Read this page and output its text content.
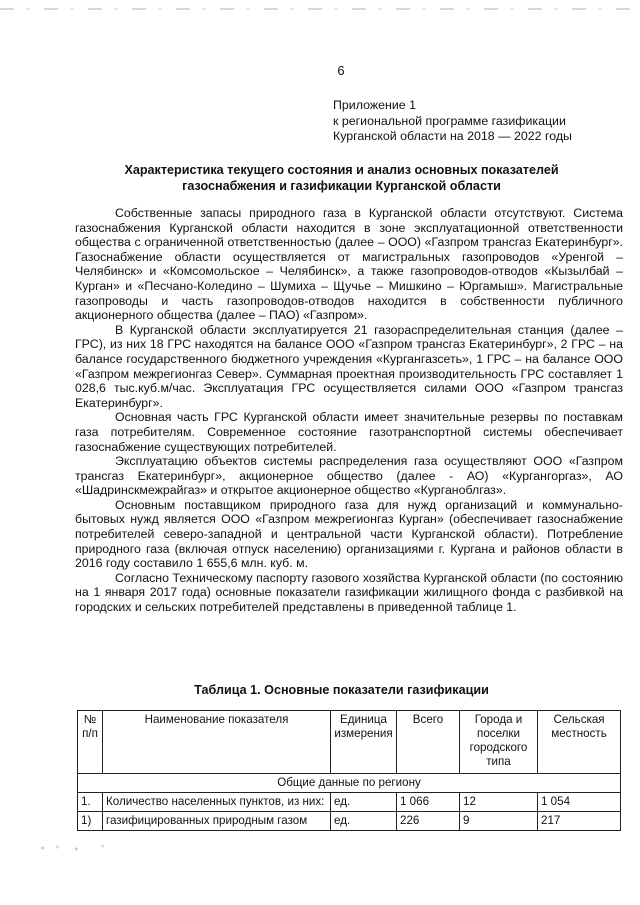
6
Приложение 1
к региональной программе газификации
Курганской области на 2018 — 2022 годы
Характеристика текущего состояния и анализ основных показателей
газоснабжения и газификации Курганской области

Собственные запасы природного газа в Курганской области отсутствуют. Система газоснабжения Курганской области находится в зоне эксплуатационной ответственности общества с ограниченной ответственностью (далее – ООО) «Газпром трансгаз Екатеринбург». Газоснабжение области осуществляется от магистральных газопроводов «Уренгой – Челябинск» и «Комсомольское – Челябинск», а также газопроводов-отводов «Кызылбай – Курган» и «Песчано-Коледино – Шумиха – Щучье – Мишкино – Юргамыш». Магистральные газопроводы и часть газопроводов-отводов находится в собственности публичного акционерного общества (далее – ПАО) «Газпром».

В Курганской области эксплуатируется 21 газораспределительная станция (далее – ГРС), из них 18 ГРС находятся на балансе ООО «Газпром трансгаз Екатеринбург», 2 ГРС – на балансе государственного бюджетного учреждения «Кургангазсеть», 1 ГРС – на балансе ООО «Газпром межрегионгаз Север». Суммарная проектная производительность ГРС составляет 1 028,6 тыс.куб.м/час. Эксплуатация ГРС осуществляется силами ООО «Газпром трансгаз Екатеринбург».

Основная часть ГРС Курганской области имеет значительные резервы по поставкам газа потребителям. Современное состояние газотранспортной системы обеспечивает газоснабжение существующих потребителей.

Эксплуатацию объектов системы распределения газа осуществляют ООО «Газпром трансгаз Екатеринбург», акционерное общество (далее - АО) «Кургангоргаз», АО «Шадринскмежрайгаз» и открытое акционерное общество «Курганоблгаз».

Основным поставщиком природного газа для нужд организаций и коммунально-бытовых нужд является ООО «Газпром межрегионгаз Курган» (обеспечивает газоснабжение потребителей северо-западной и центральной части Курганской области). Потребление природного газа (включая отпуск населению) организациями г. Кургана и районов области в 2016 году составило 1 655,6 млн. куб. м.

Согласно Техническому паспорту газового хозяйства Курганской области (по состоянию на 1 января 2017 года) основные показатели газификации жилищного фонда с разбивкой на городских и сельских потребителей представлены в приведенной таблице 1.

Таблица 1. Основные показатели газификации
№ п/п	Наименование показателя	Единица измерения	Всего	Города и поселки городского типа	Сельская местность
Общие данные по региону					
1.	Количество населенных пунктов, из них:	ед.	1 066	12	1 054
1)	газифицированных природным газом	ед.	226	9	217
